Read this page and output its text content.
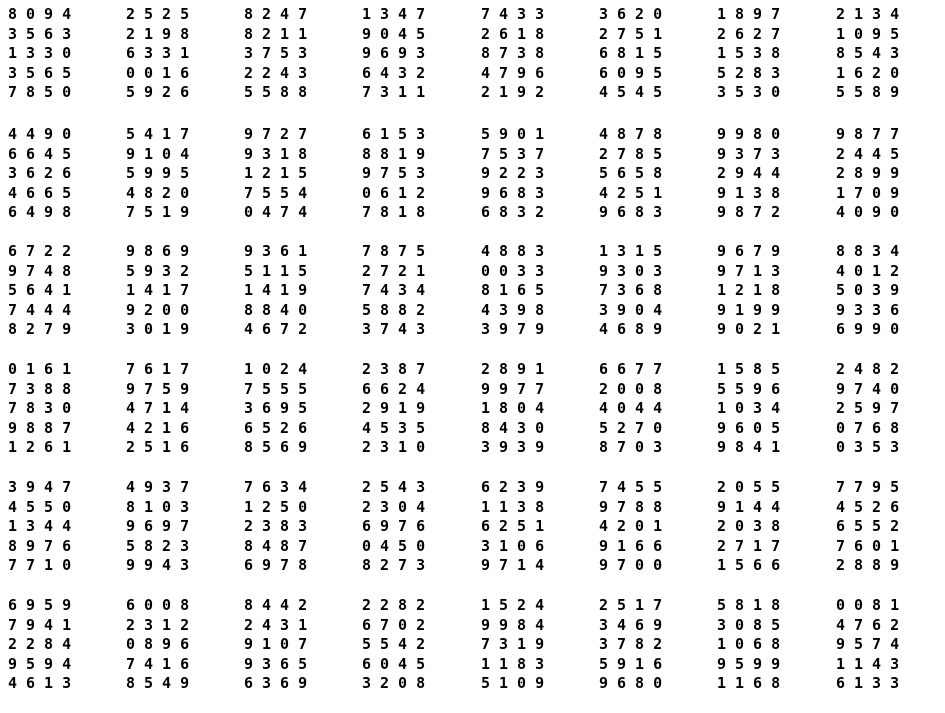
8094	2525	8247	1347	7433	3620	1897	2134
3563	2198	8211	9045	2618	2751	2627	1095
1330	6331	3753	9693	8738	6815	1538	8543
3565	0016	2243	6432	4796	6095	5283	1620
7850	5926	5588	7311	2192	4545	3530	5589
4490	5417	9727	6153	5901	4878	9980	9877
6645	9104	9318	8819	7537	2785	9373	2445
3626	5995	1215	9753	9223	5658	2944	2899
4665	4820	7554	0612	9683	4251	9138	1709
6498	7519	0474	7818	6832	9683	9872	4090
6722	9869	9361	7875	4883	1315	9679	8834
9748	5932	5115	2721	0033	9303	9713	4012
5641	1417	1419	7434	8165	7368	1218	5039
7444	9200	8840	5882	4398	3904	9199	9336
8279	3019	4672	3743	3979	4689	9021	6990
0161	7617	1024	2387	2891	6677	1585	2482
7388	9759	7555	6624	9977	2008	5596	9740
7830	4714	3695	2919	1804	4044	1034	2597
9887	4216	6526	4535	8430	5270	9605	0768
1261	2516	8569	2310	3939	8703	9841	0353
3947	4937	7634	2543	6239	7455	2055	7795
4550	8103	1250	2304	1138	9788	9144	4526
1344	9697	2383	6976	6251	4201	2038	6552
8976	5823	8487	0450	3106	9166	2717	7601
7710	9943	6978	8273	9714	9700	1566	2889
6959	6008	8442	2282	1524	2517	5818	0081
7941	2312	2431	6702	9984	3469	3085	4762
2284	0896	9107	5542	7319	3782	1068	9574
9594	7416	9365	6045	1183	5916	9599	1143
4613	8549	6369	3208	5109	9680	1168	6133
